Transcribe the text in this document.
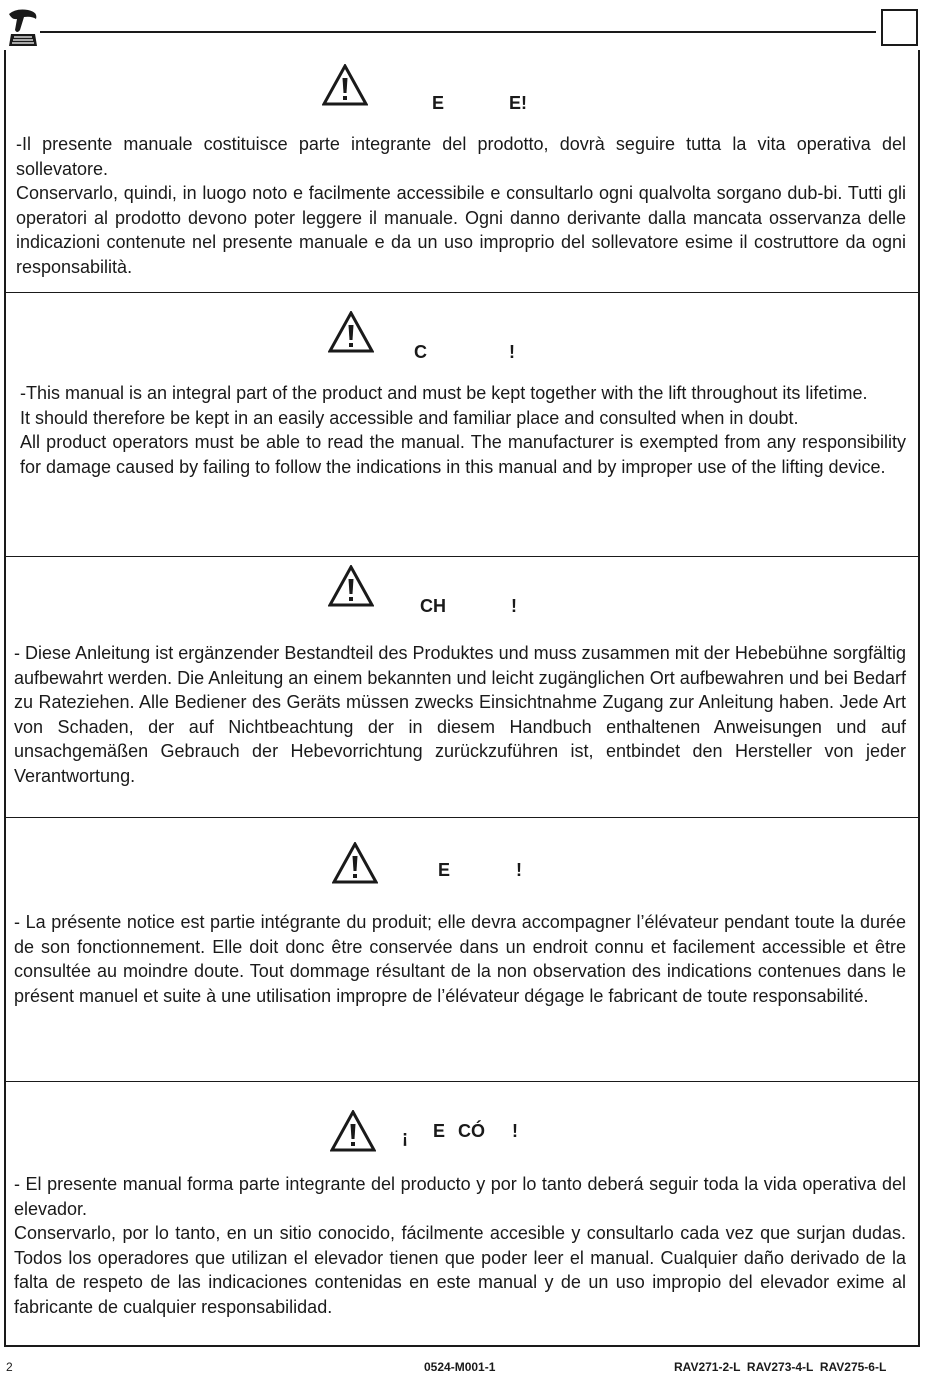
E	E!

-Il presente manuale costituisce parte integrante del prodotto, dovrà seguire tutta la vita operativa del sollevatore.

Conservarlo, quindi, in luogo noto e facilmente accessibile e consultarlo ogni qualvolta sorgano dub-bi. Tutti gli operatori al prodotto devono poter leggere il manuale. Ogni danno derivante dalla mancata osservanza delle indicazioni contenute nel presente manuale e da un uso improprio del sollevatore esime il costruttore da ogni responsabilità.

C	!

-This manual is an integral part of the product and must be kept together with the lift throughout its lifetime.

It should therefore be kept in an easily accessible and familiar place and consulted when in doubt.

All product operators must be able to read the manual. The manufacturer is exempted from any responsibility for damage caused by failing to follow the indications in this manual and by improper use of the lifting device.

CH	!

- Diese Anleitung ist ergänzender Bestandteil des Produktes und muss zusammen mit der Hebebühne sorgfältig aufbewahrt werden. Die Anleitung an einem bekannten und leicht zugänglichen Ort aufbewahren und bei Bedarf zu Rateziehen. Alle Bediener des Geräts müssen zwecks Einsichtnahme Zugang zur Anleitung haben. Jede Art von Schaden, der auf Nichtbeachtung der in diesem Handbuch enthaltenen Anweisungen und auf unsachgemäßen Gebrauch der Hebevorrichtung zurückzuführen ist, entbindet den Hersteller von jeder Verantwortung.

E	!

- La présente notice est partie intégrante du produit; elle devra accompagner l’élévateur pendant toute la durée de son fonctionnement. Elle doit donc être conservée dans un endroit connu et facilement accessible et être consultée au moindre doute. Tout dommage résultant de la non observation des indications contenues dans le présent manuel et suite à une utilisation impropre de l’élévateur dégage le fabricant de toute responsabilité.

¡ E CÓ !

- El presente manual forma parte integrante del producto y por lo tanto deberá seguir toda la vida operativa del elevador.

Conservarlo, por lo tanto, en un sitio conocido, fácilmente accesible y consultarlo cada vez que surjan dudas. Todos los operadores que utilizan el elevador tienen que poder leer el manual. Cualquier daño derivado de la falta de respeto de las indicaciones contenidas en este manual y de un uso impropio del elevador exime al fabricante de cualquier responsabilidad.

2	0524-M001-1	RAV271-2-L  RAV273-4-L  RAV275-6-L
